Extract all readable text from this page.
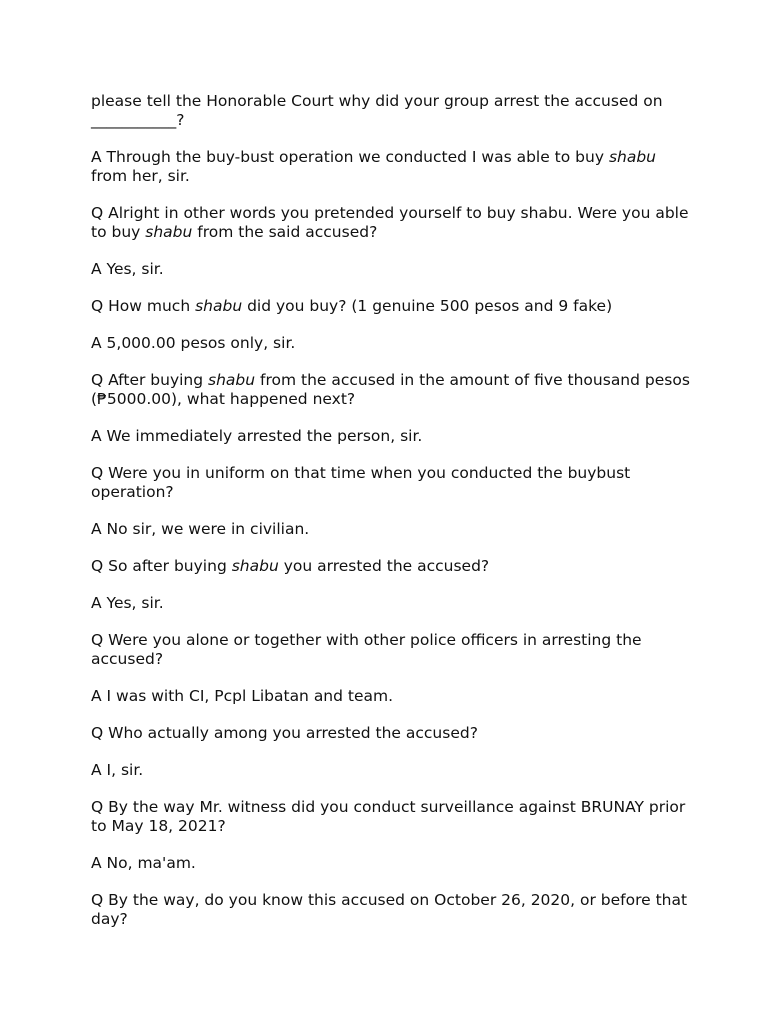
please tell the Honorable Court why did your group arrest the accused on ___________?

A Through the buy-bust operation we conducted I was able to buy shabu from her, sir.

Q Alright in other words you pretended yourself to buy shabu. Were you able to buy shabu from the said accused?

A Yes, sir.

Q How much shabu did you buy? (1 genuine 500 pesos and 9 fake)

A 5,000.00 pesos only, sir.

Q After buying shabu from the accused in the amount of five thousand pesos (₱5000.00), what happened next?

A We immediately arrested the person, sir.

Q Were you in uniform on that time when you conducted the buybust operation?

A No sir, we were in civilian.

Q So after buying shabu you arrested the accused?

A Yes, sir.

Q Were you alone or together with other police officers in arresting the accused?

A I was with CI, Pcpl Libatan and team.

Q Who actually among you arrested the accused?

A I, sir.

Q By the way Mr. witness did you conduct surveillance against BRUNAY prior to May 18, 2021?

A No, ma'am.

Q By the way, do you know this accused on October 26, 2020, or before that day?
